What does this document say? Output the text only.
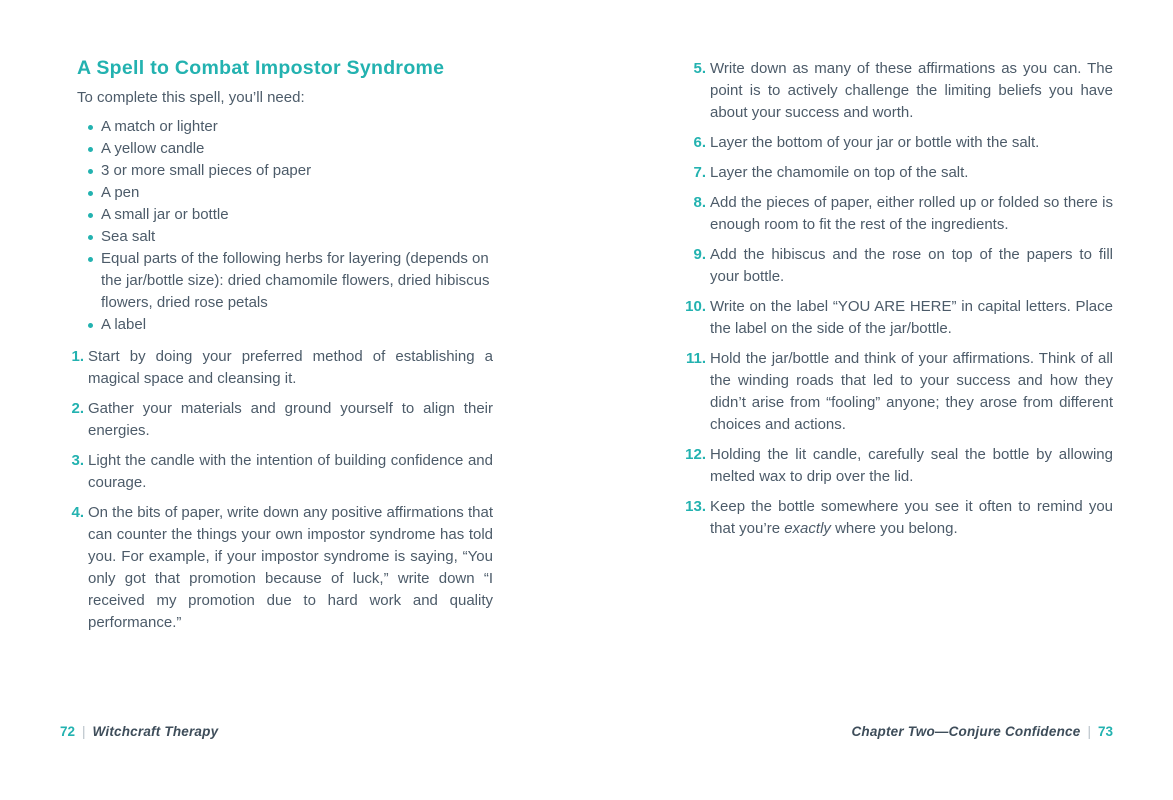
A Spell to Combat Impostor Syndrome

To complete this spell, you’ll need:

A match or lighter
A yellow candle
3 or more small pieces of paper
A pen
A small jar or bottle
Sea salt
Equal parts of the following herbs for layering (depends on the jar/bottle size): dried chamomile flowers, dried hibiscus flowers, dried rose petals
A label
1. Start by doing your preferred method of establishing a magical space and cleansing it.
2. Gather your materials and ground yourself to align their energies.
3. Light the candle with the intention of building confidence and courage.
4. On the bits of paper, write down any positive affirmations that can counter the things your own impostor syndrome has told you. For example, if your impostor syndrome is saying, “You only got that promotion because of luck,” write down “I received my promotion due to hard work and quality performance.”
5. Write down as many of these affirmations as you can. The point is to actively challenge the limiting beliefs you have about your success and worth.
6. Layer the bottom of your jar or bottle with the salt.
7. Layer the chamomile on top of the salt.
8. Add the pieces of paper, either rolled up or folded so there is enough room to fit the rest of the ingredients.
9. Add the hibiscus and the rose on top of the papers to fill your bottle.
10. Write on the label “YOU ARE HERE” in capital letters. Place the label on the side of the jar/bottle.
11. Hold the jar/bottle and think of your affirmations. Think of all the winding roads that led to your success and how they didn’t arise from “fooling” anyone; they arose from different choices and actions.
12. Holding the lit candle, carefully seal the bottle by allowing melted wax to drip over the lid.
13. Keep the bottle somewhere you see it often to remind you that you’re exactly where you belong.
72 | Witchcraft Therapy	Chapter Two—Conjure Confidence | 73
